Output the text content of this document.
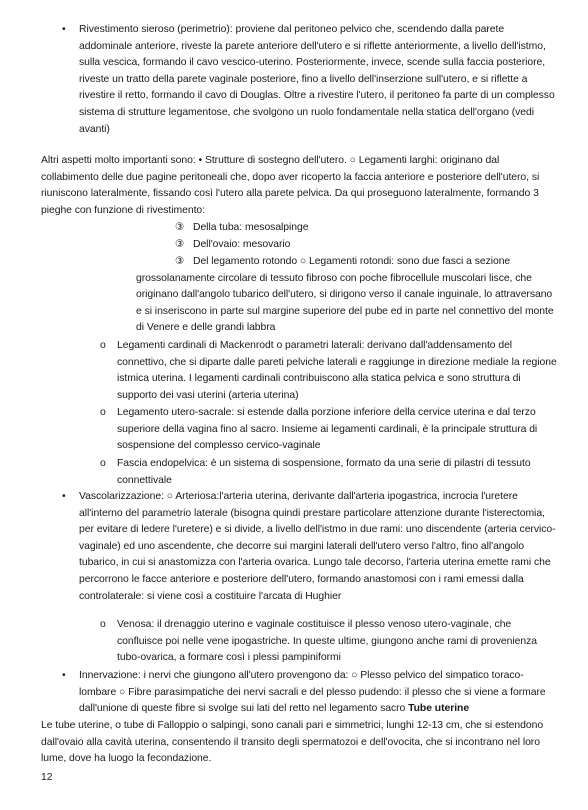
• Rivestimento sieroso (perimetrio): proviene dal peritoneo pelvico che, scendendo dalla parete addominale anteriore, riveste la parete anteriore dell'utero e si riflette anteriormente, a livello dell'istmo, sulla vescica, formando il cavo vescico-uterino. Posteriormente, invece, scende sulla faccia posteriore, riveste un tratto della parete vaginale posteriore, fino a livello dell'inserzione sull'utero, e si riflette a rivestire il retto, formando il cavo di Douglas. Oltre a rivestire l'utero, il peritoneo fa parte di un complesso sistema di strutture legamentose, che svolgono un ruolo fondamentale nella statica dell'organo (vedi avanti)

Altri aspetti molto importanti sono: • Strutture di sostegno dell'utero. ○ Legamenti larghi: originano dal collabimento delle due pagine peritoneali che, dopo aver ricoperto la faccia anteriore e posteriore dell'utero, si riuniscono lateralmente, fissando così l'utero alla parete pelvica. Da qui proseguono lateralmente, formando 3 pieghe con funzione di rivestimento:

③ Della tuba: mesosalpinge

③ Dell'ovaio: mesovario

③ Del legamento rotondo ○ Legamenti rotondi: sono due fasci a sezione grossolanamente circolare di tessuto fibroso con poche fibrocellule muscolari lisce, che originano dall'angolo tubarico dell'utero, si dirigono verso il canale inguinale, lo attraversano e si inseriscono in parte sul margine superiore del pube ed in parte nel connettivo del monte di Venere e delle grandi labbra

o Legamenti cardinali di Mackenrodt o parametri laterali: derivano dall'addensamento del connettivo, che si diparte dalle pareti pelviche laterali e raggiunge in direzione mediale la regione istmica uterina. I legamenti cardinali contribuiscono alla statica pelvica e sono struttura di supporto dei vasi uterini (arteria uterina)

o Legamento utero-sacrale: si estende dalla porzione inferiore della cervice uterina e dal terzo superiore della vagina fino al sacro. Insieme ai legamenti cardinali, è la principale struttura di sospensione del complesso cervico-vaginale

o Fascia endopelvica: è un sistema di sospensione, formato da una serie di pilastri di tessuto connettivale

• Vascolarizzazione: ○ Arteriosa:l'arteria uterina, derivante dall'arteria ipogastrica, incrocia l'uretere all'interno del parametrio laterale (bisogna quindi prestare particolare attenzione durante l'isterectomia, per evitare di ledere l'uretere) e si divide, a livello dell'istmo in due rami: uno discendente (arteria cervico-vaginale) ed uno ascendente, che decorre sui margini laterali dell'utero verso l'altro, fino all'angolo tubarico, in cui si anastomizza con l'arteria ovarica. Lungo tale decorso, l'arteria uterina emette rami che percorrono le facce anteriore e posteriore dell'utero, formando anastomosi con i rami emessi dalla controlaterale: si viene così a costituire l'arcata di Hughier

o Venosa: il drenaggio uterino e vaginale costituisce il plesso venoso utero-vaginale, che confluisce poi nelle vene ipogastriche. In queste ultime, giungono anche rami di provenienza tubo-ovarica, a formare così i plessi pampiniformi

• Innervazione: i nervi che giungono all'utero provengono da: ○ Plesso pelvico del simpatico toraco-lombare ○ Fibre parasimpatiche dei nervi sacrali e del plesso pudendo: il plesso che si viene a formare dall'unione di queste fibre si svolge sui lati del retto nel legamento sacro Tube uterine

Le tube uterine, o tube di Falloppio o salpingi, sono canali pari e simmetrici, lunghi 12-13 cm, che si estendono dall'ovaio alla cavità uterina, consentendo il transito degli spermatozoi e dell'ovocita, che si incontrano nel loro lume, dove ha luogo la fecondazione.

12
